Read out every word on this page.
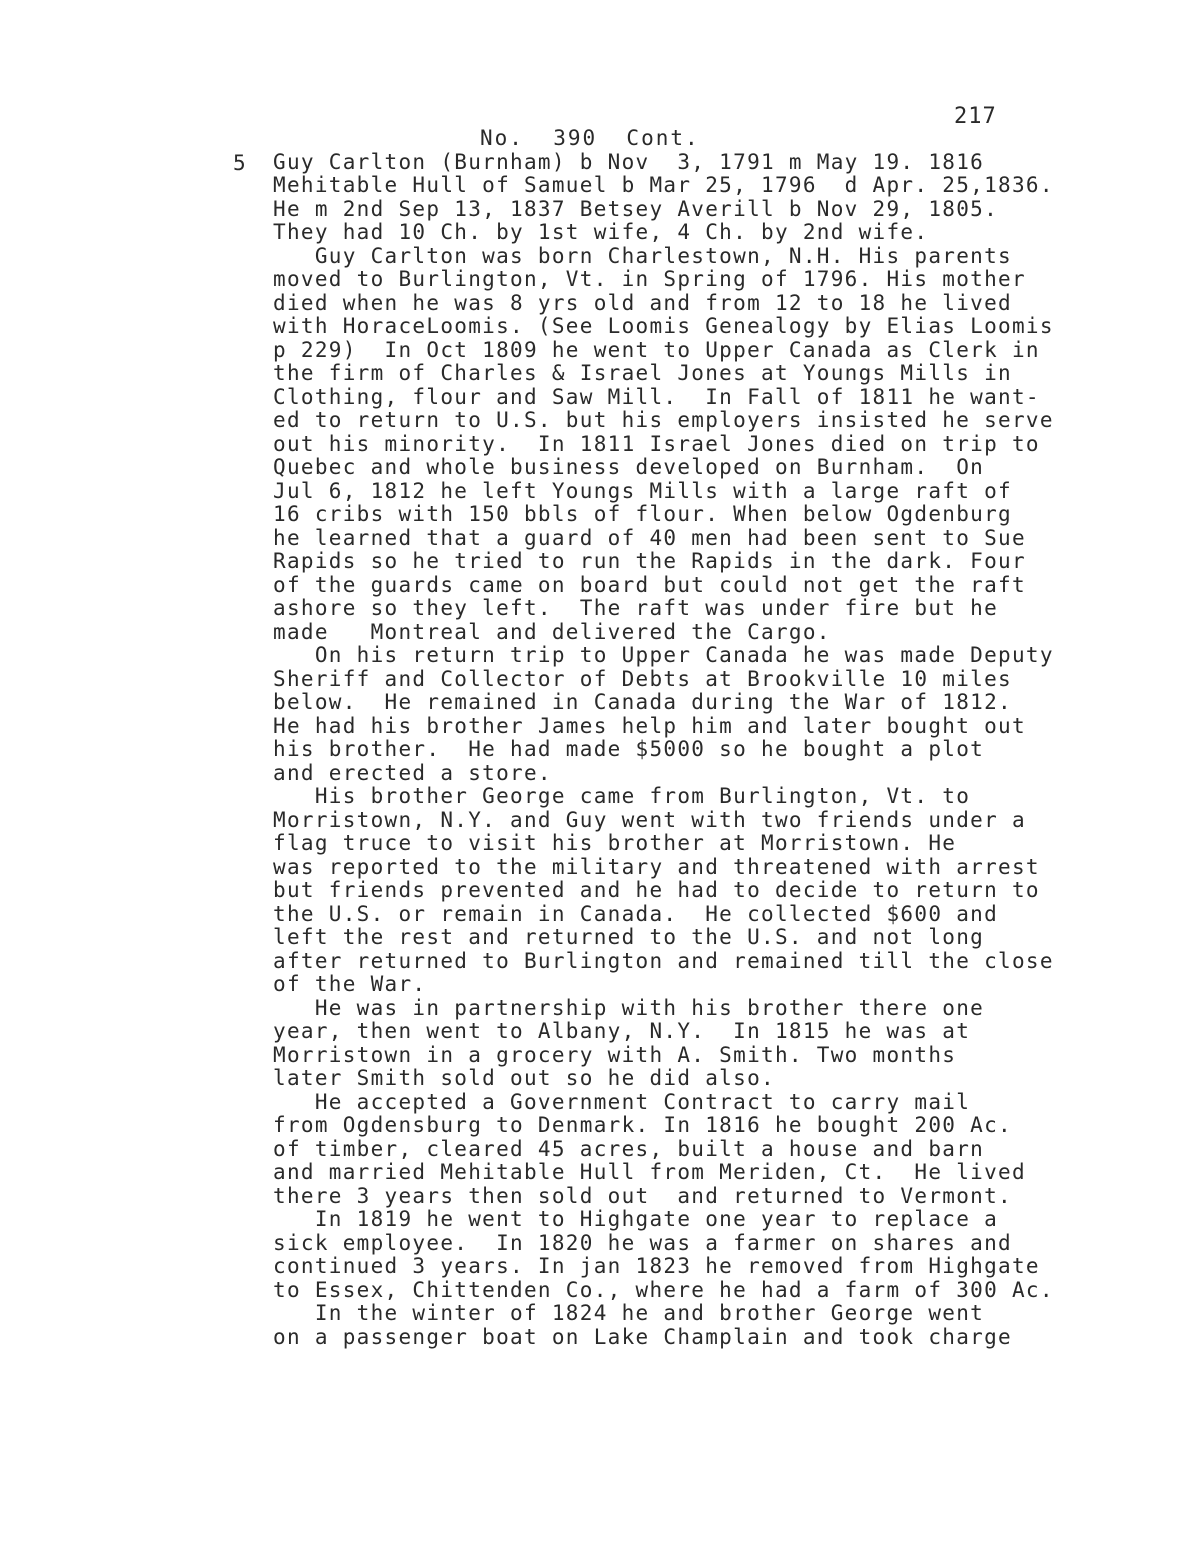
217
No.  390  Cont.
5 Guy Carlton (Burnham) b Nov  3, 1791 m May 19. 1816
Mehitable Hull of Samuel b Mar 25, 1796  d Apr. 25,1836.
He m 2nd Sep 13, 1837 Betsey Averill b Nov 29, 1805.
They had 10 Ch. by 1st wife, 4 Ch. by 2nd wife.
Guy Carlton was born Charlestown, N.H. His parents
moved to Burlington, Vt. in Spring of 1796. His mother
died when he was 8 yrs old and from 12 to 18 he lived
with HoraceLoomis. (See Loomis Genealogy by Elias Loomis
p 229)  In Oct 1809 he went to Upper Canada as Clerk in
the firm of Charles & Israel Jones at Youngs Mills in
Clothing, flour and Saw Mill.  In Fall of 1811 he want-
ed to return to U.S. but his employers insisted he serve
out his minority.  In 1811 Israel Jones died on trip to
Quebec and whole business developed on Burnham.  On
Jul 6, 1812 he left Youngs Mills with a large raft of
16 cribs with 150 bbls of flour. When below Ogdenburg
he learned that a guard of 40 men had been sent to Sue
Rapids so he tried to run the Rapids in the dark. Four
of the guards came on board but could not get the raft
ashore so they left.  The raft was under fire but he
made   Montreal and delivered the Cargo.
On his return trip to Upper Canada he was made Deputy
Sheriff and Collector of Debts at Brookville 10 miles
below.  He remained in Canada during the War of 1812.
He had his brother James help him and later bought out
his brother.  He had made $5000 so he bought a plot
and erected a store.
His brother George came from Burlington, Vt. to
Morristown, N.Y. and Guy went with two friends under a
flag truce to visit his brother at Morristown. He
was reported to the military and threatened with arrest
but friends prevented and he had to decide to return to
the U.S. or remain in Canada.  He collected $600 and
left the rest and returned to the U.S. and not long
after returned to Burlington and remained till the close
of the War.
He was in partnership with his brother there one
year, then went to Albany, N.Y.  In 1815 he was at
Morristown in a grocery with A. Smith. Two months
later Smith sold out so he did also.
He accepted a Government Contract to carry mail
from Ogdensburg to Denmark. In 1816 he bought 200 Ac.
of timber, cleared 45 acres, built a house and barn
and married Mehitable Hull from Meriden, Ct.  He lived
there 3 years then sold out  and returned to Vermont.
In 1819 he went to Highgate one year to replace a
sick employee.  In 1820 he was a farmer on shares and
continued 3 years. In jan 1823 he removed from Highgate
to Essex, Chittenden Co., where he had a farm of 300 Ac.
In the winter of 1824 he and brother George went
on a passenger boat on Lake Champlain and took charge
